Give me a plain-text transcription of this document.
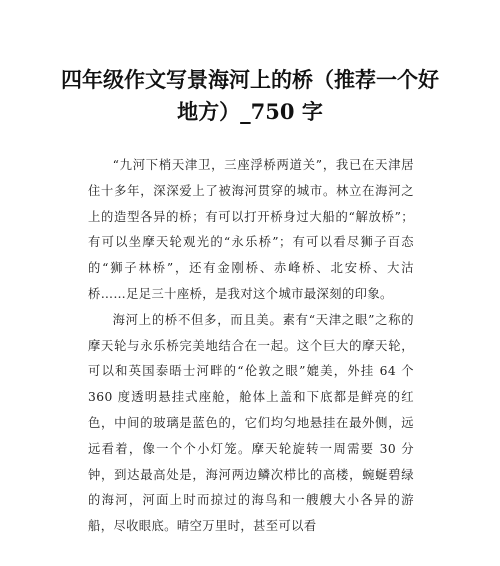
四年级作文写景海河上的桥（推荐一个好地方）_750 字

“九河下梢天津卫，三座浮桥两道关”，我已在天津居住十多年，深深爱上了被海河贯穿的城市。林立在海河之上的造型各异的桥；有可以打开桥身过大船的“解放桥”；有可以坐摩天轮观光的“永乐桥”；有可以看尽狮子百态的“狮子林桥”，还有金刚桥、赤峰桥、北安桥、大沽桥……足足三十座桥，是我对这个城市最深刻的印象。

海河上的桥不但多，而且美。素有“天津之眼”之称的摩天轮与永乐桥完美地结合在一起。这个巨大的摩天轮，可以和英国泰晤士河畔的“伦敦之眼”媲美，外挂 64 个 360 度透明悬挂式座舱，舱体上盖和下底都是鲜亮的红色，中间的玻璃是蓝色的，它们均匀地悬挂在最外侧，远远看着，像一个个小灯笼。摩天轮旋转一周需要 30 分钟，到达最高处是，海河两边鳞次栉比的高楼，蜿蜒碧绿的海河，河面上时而掠过的海鸟和一艘艘大小各异的游船，尽收眼底。晴空万里时，甚至可以看
